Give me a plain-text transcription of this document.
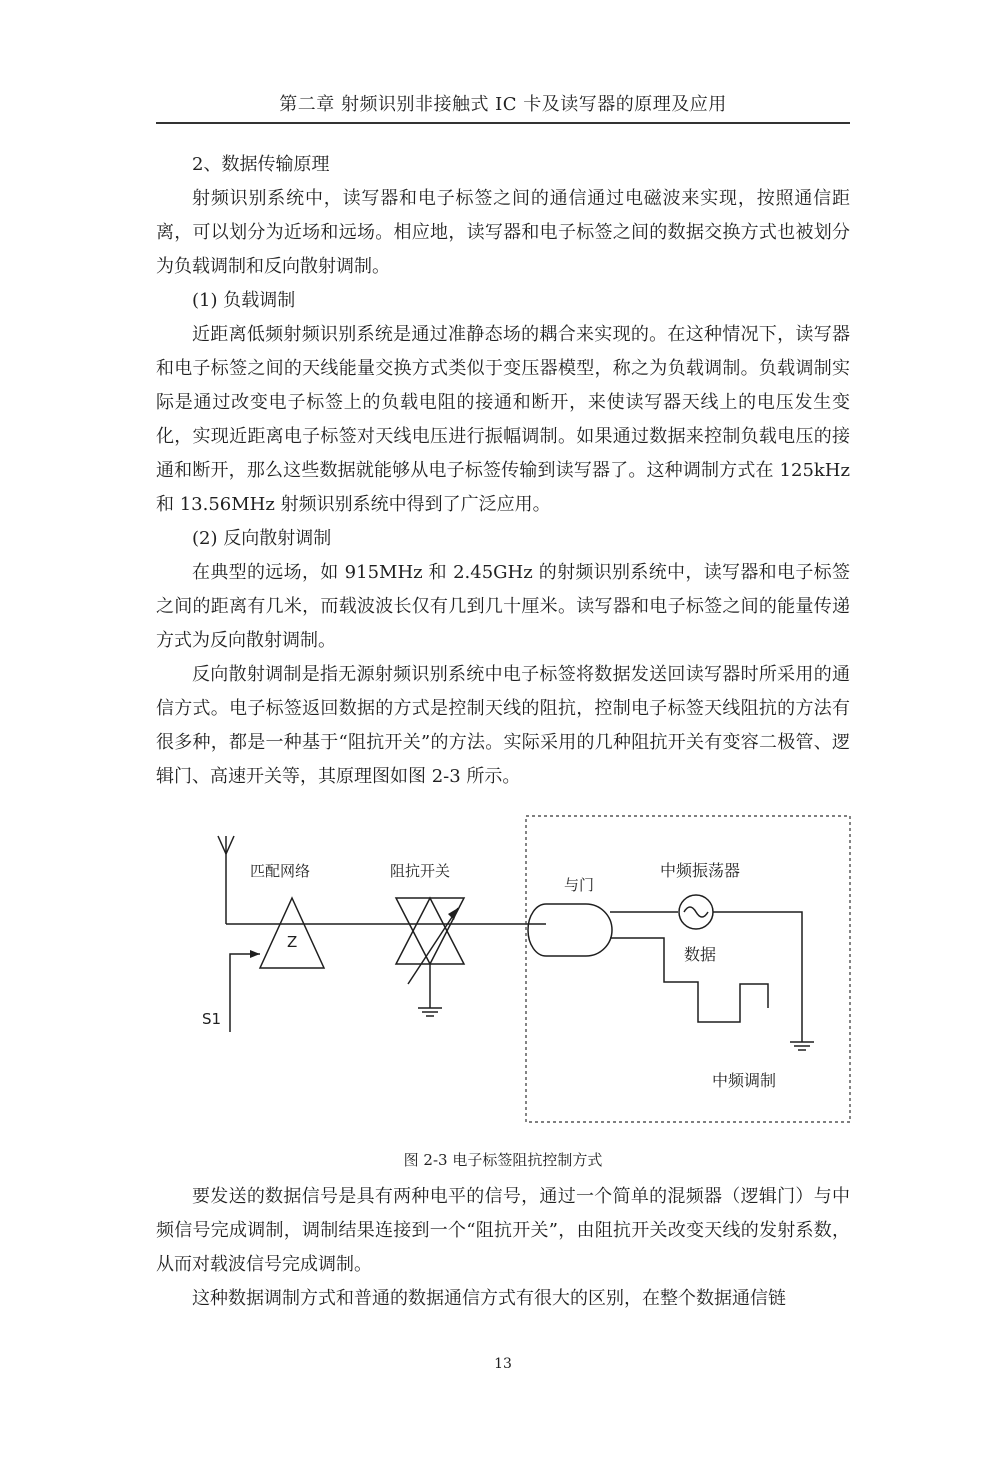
第二章 射频识别非接触式 IC 卡及读写器的原理及应用

2、数据传输原理

射频识别系统中，读写器和电子标签之间的通信通过电磁波来实现，按照通信距离，可以划分为近场和远场。相应地，读写器和电子标签之间的数据交换方式也被划分为负载调制和反向散射调制。

(1) 负载调制

近距离低频射频识别系统是通过准静态场的耦合来实现的。在这种情况下，读写器和电子标签之间的天线能量交换方式类似于变压器模型，称之为负载调制。负载调制实际是通过改变电子标签上的负载电阻的接通和断开，来使读写器天线上的电压发生变化，实现近距离电子标签对天线电压进行振幅调制。如果通过数据来控制负载电压的接通和断开，那么这些数据就能够从电子标签传输到读写器了。这种调制方式在 125kHz 和 13.56MHz 射频识别系统中得到了广泛应用。

(2) 反向散射调制

在典型的远场，如 915MHz 和 2.45GHz 的射频识别系统中，读写器和电子标签之间的距离有几米，而载波波长仅有几到几十厘米。读写器和电子标签之间的能量传递方式为反向散射调制。

反向散射调制是指无源射频识别系统中电子标签将数据发送回读写器时所采用的通信方式。电子标签返回数据的方式是控制天线的阻抗，控制电子标签天线阻抗的方法有很多种，都是一种基于“阻抗开关”的方法。实际采用的几种阻抗开关有变容二极管、逻辑门、高速开关等，其原理图如图 2-3 所示。

Z
匹配网络
S1
阻抗开关
与门
中频振荡器
数据
中频调制
图 2-3 电子标签阻抗控制方式

要发送的数据信号是具有两种电平的信号，通过一个简单的混频器（逻辑门）与中频信号完成调制，调制结果连接到一个“阻抗开关”，由阻抗开关改变天线的发射系数，从而对载波信号完成调制。

这种数据调制方式和普通的数据通信方式有很大的区别，在整个数据通信链

13
